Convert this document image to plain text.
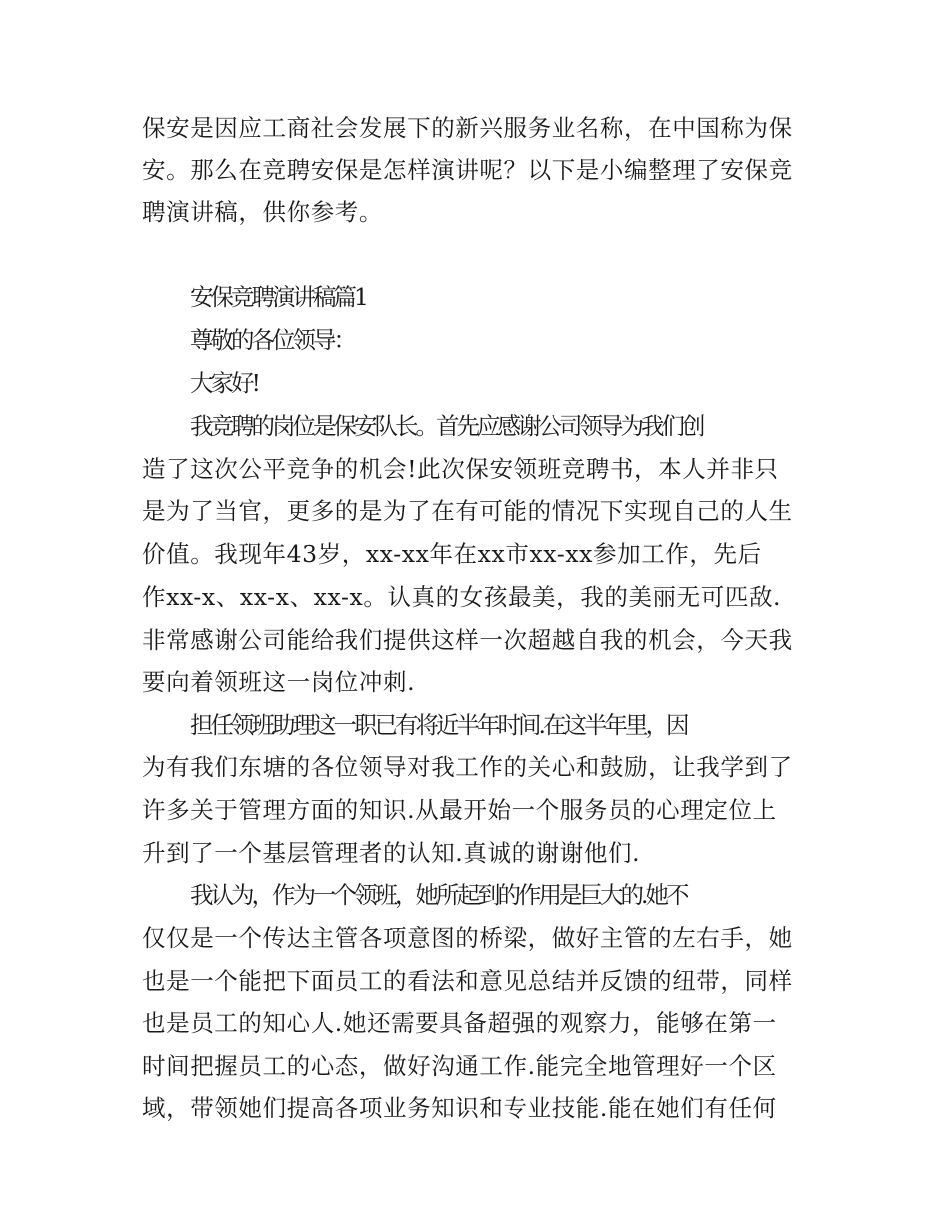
保安是因应工商社会发展下的新兴服务业名称，在中国称为保
安。那么在竞聘安保是怎样演讲呢？以下是小编整理了安保竞
聘演讲稿，供你参考。
安保竞聘演讲稿篇1
尊敬的各位领导：
大家好!
我竞聘的岗位是保安队长。首先应感谢公司领导为我们创
造了这次公平竞争的机会!此次保安领班竞聘书，本人并非只
是为了当官，更多的是为了在有可能的情况下实现自己的人生
价值。我现年43岁，xx-xx年在xx市xx-xx参加工作，先后
作xx-x、xx-x、xx-x。认真的女孩最美，我的美丽无可匹敌.
非常感谢公司能给我们提供这样一次超越自我的机会，今天我
要向着领班这一岗位冲刺.
担任领班助理这一职已有将近半年时间.在这半年里，因
为有我们东塘的各位领导对我工作的关心和鼓励，让我学到了
许多关于管理方面的知识.从最开始一个服务员的心理定位上
升到了一个基层管理者的认知.真诚的谢谢他们.
我认为，作为一个领班，她所起到的作用是巨大的.她不
仅仅是一个传达主管各项意图的桥梁，做好主管的左右手，她
也是一个能把下面员工的看法和意见总结并反馈的纽带，同样
也是员工的知心人.她还需要具备超强的观察力，能够在第一
时间把握员工的心态，做好沟通工作.能完全地管理好一个区
域，带领她们提高各项业务知识和专业技能.能在她们有任何
